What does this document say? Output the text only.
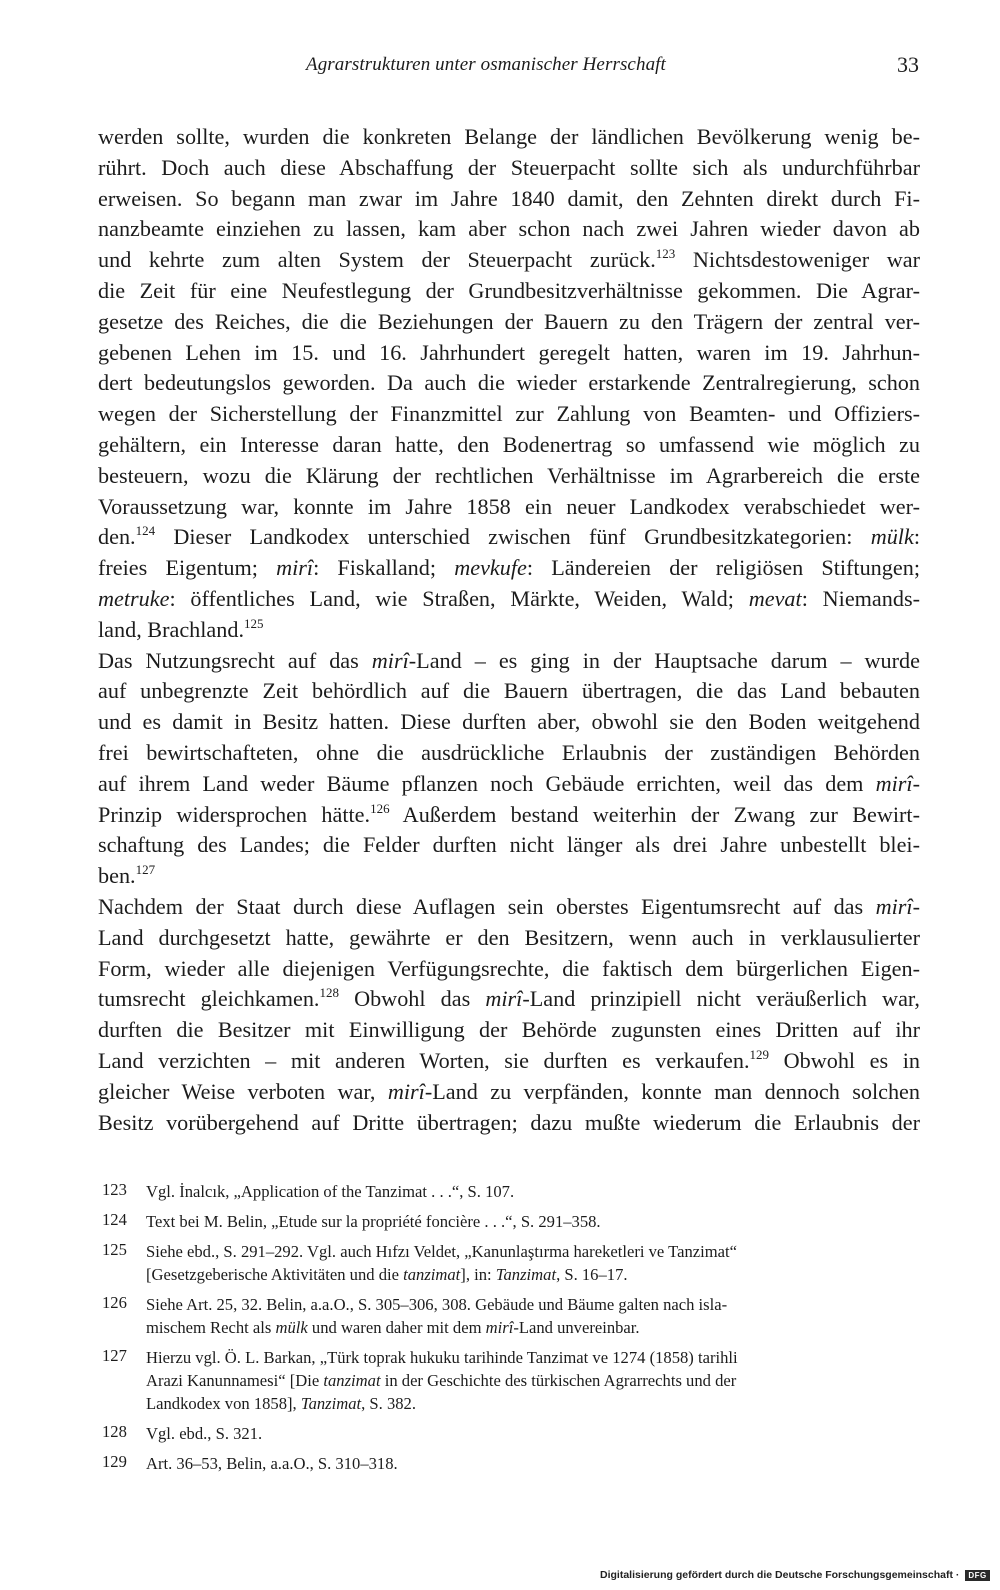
Agrarstrukturen unter osmanischer Herrschaft	33
werden sollte, wurden die konkreten Belange der ländlichen Bevölkerung wenig be-
rührt. Doch auch diese Abschaffung der Steuerpacht sollte sich als undurchführbar
erweisen. So begann man zwar im Jahre 1840 damit, den Zehnten direkt durch Fi-
nanzbeamte einziehen zu lassen, kam aber schon nach zwei Jahren wieder davon ab
und kehrte zum alten System der Steuerpacht zurück.$^{123}$ Nichtsdestoweniger war
die Zeit für eine Neufestlegung der Grundbesitzverhältnisse gekommen. Die Agrar-
gesetze des Reiches, die die Beziehungen der Bauern zu den Trägern der zentral ver-
gebenen Lehen im 15. und 16. Jahrhundert geregelt hatten, waren im 19. Jahrhun-
dert bedeutungslos geworden. Da auch die wieder erstarkende Zentralregierung, schon
wegen der Sicherstellung der Finanzmittel zur Zahlung von Beamten- und Offiziers-
gehältern, ein Interesse daran hatte, den Bodenertrag so umfassend wie möglich zu
besteuern, wozu die Klärung der rechtlichen Verhältnisse im Agrarbereich die erste
Voraussetzung war, konnte im Jahre 1858 ein neuer Landkodex verabschiedet wer-
den.$^{124}$ Dieser Landkodex unterschied zwischen fünf Grundbesitzkategorien: mülk:
freies Eigentum; mirî: Fiskalland; mevkufe: Ländereien der religiösen Stiftungen;
metruke: öffentliches Land, wie Straßen, Märkte, Weiden, Wald; mevat: Niemands-
land, Brachland.$^{125}$
Das Nutzungsrecht auf das mirî-Land – es ging in der Hauptsache darum – wurde
auf unbegrenzte Zeit behördlich auf die Bauern übertragen, die das Land bebauten
und es damit in Besitz hatten. Diese durften aber, obwohl sie den Boden weitgehend
frei bewirtschafteten, ohne die ausdrückliche Erlaubnis der zuständigen Behörden
auf ihrem Land weder Bäume pflanzen noch Gebäude errichten, weil das dem mirî-
Prinzip widersprochen hätte.$^{126}$ Außerdem bestand weiterhin der Zwang zur Bewirt-
schaftung des Landes; die Felder durften nicht länger als drei Jahre unbestellt blei-
ben.$^{127}$
Nachdem der Staat durch diese Auflagen sein oberstes Eigentumsrecht auf das mirî-
Land durchgesetzt hatte, gewährte er den Besitzern, wenn auch in verklausulierter
Form, wieder alle diejenigen Verfügungsrechte, die faktisch dem bürgerlichen Eigen-
tumsrecht gleichkamen.$^{128}$ Obwohl das mirî-Land prinzipiell nicht veräußerlich war,
durften die Besitzer mit Einwilligung der Behörde zugunsten eines Dritten auf ihr
Land verzichten – mit anderen Worten, sie durften es verkaufen.$^{129}$ Obwohl es in
gleicher Weise verboten war, mirî-Land zu verpfänden, konnte man dennoch solchen
Besitz vorübergehend auf Dritte übertragen; dazu mußte wiederum die Erlaubnis der
123	Vgl. İnalcık, „Application of the Tanzimat . . .“, S. 107.
124	Text bei M. Belin, „Etude sur la propriété foncière . . .“, S. 291–358.
125	Siehe ebd., S. 291–292. Vgl. auch Hıfzı Veldet, „Kanunlaştırma hareketleri ve Tanzimat“
[Gesetzgeberische Aktivitäten und die tanzimat], in: Tanzimat, S. 16–17.
126	Siehe Art. 25, 32. Belin, a.a.O., S. 305–306, 308. Gebäude und Bäume galten nach isla-
mischem Recht als mülk und waren daher mit dem mirî-Land unvereinbar.
127	Hierzu vgl. Ö. L. Barkan, „Türk toprak hukuku tarihinde Tanzimat ve 1274 (1858) tarihli
Arazi Kanunnamesi“ [Die tanzimat in der Geschichte des türkischen Agrarrechts und der
Landkodex von 1858], Tanzimat, S. 382.
128	Vgl. ebd., S. 321.
129	Art. 36–53, Belin, a.a.O., S. 310–318.
Digitalisierung gefördert durch die Deutsche Forschungsgemeinschaft · DFG
